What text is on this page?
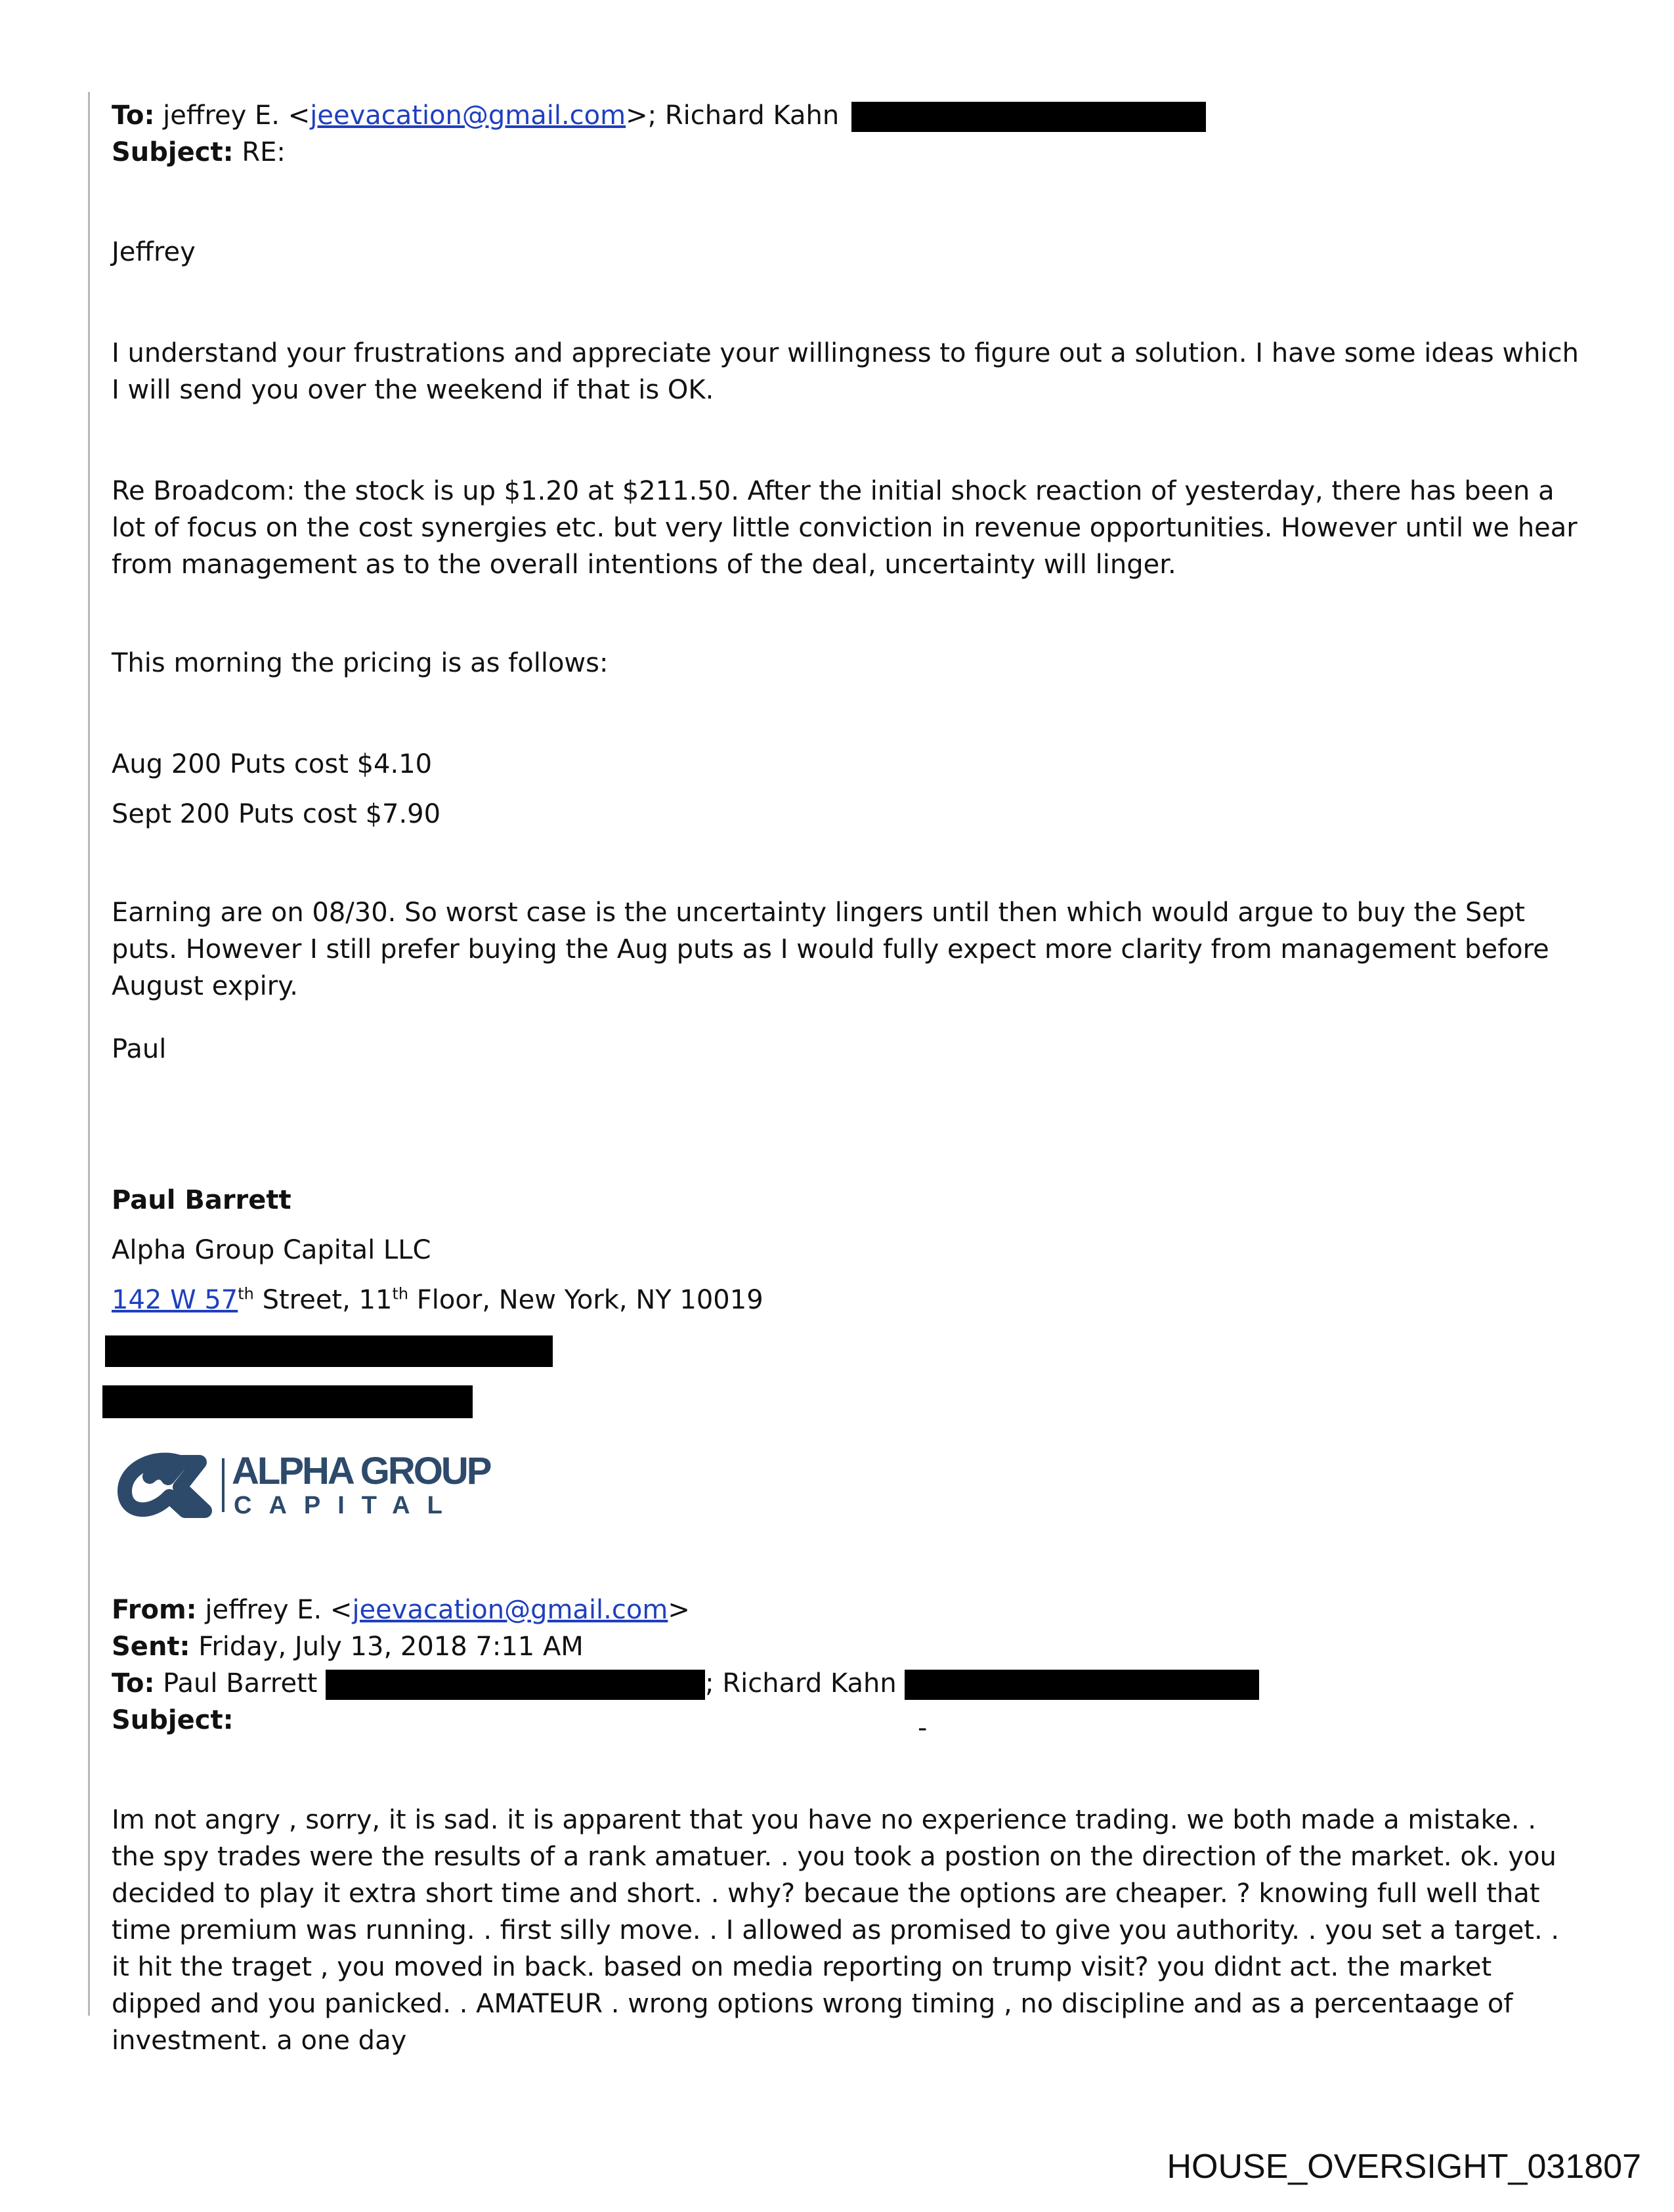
To: jeffrey E. <jeevacation@gmail.com>; Richard Kahn
Subject: RE:
Jeffrey
I understand your frustrations and appreciate your willingness to figure out a solution. I have some ideas which I will send you over the weekend if that is OK.
Re Broadcom: the stock is up $1.20 at $211.50. After the initial shock reaction of yesterday, there has been a lot of focus on the cost synergies etc. but very little conviction in revenue opportunities. However until we hear from management as to the overall intentions of the deal, uncertainty will linger.
This morning the pricing is as follows:
Aug 200 Puts cost $4.10
Sept 200 Puts cost $7.90
Earning are on 08/30. So worst case is the uncertainty lingers until then which would argue to buy the Sept puts. However I still prefer buying the Aug puts as I would fully expect more clarity from management before August expiry.
Paul
Paul Barrett
Alpha Group Capital LLC
142 W 57th Street, 11th Floor, New York, NY 10019
ALPHA GROUP
CAPITAL
From: jeffrey E. <jeevacation@gmail.com>
Sent: Friday, July 13, 2018 7:11 AM
To: Paul Barrett	; Richard Kahn
Subject:	-
Im not angry , sorry, it is sad. it is apparent that you have no experience trading. we both made a mistake. . the spy trades were the results of a rank amatuer. . you took a postion on the direction of the market. ok. you decided to play it extra short time and short. . why? becaue the options are cheaper. ? knowing full well that time premium was running. . first silly move. . I allowed as promised to give you authority. . you set a target. . it hit the traget , you moved in back. based on media reporting on trump visit? you didnt act. the market dipped and you panicked. . AMATEUR . wrong options wrong timing , no discipline and as a percentaage of investment. a one day
HOUSE_OVERSIGHT_031807
